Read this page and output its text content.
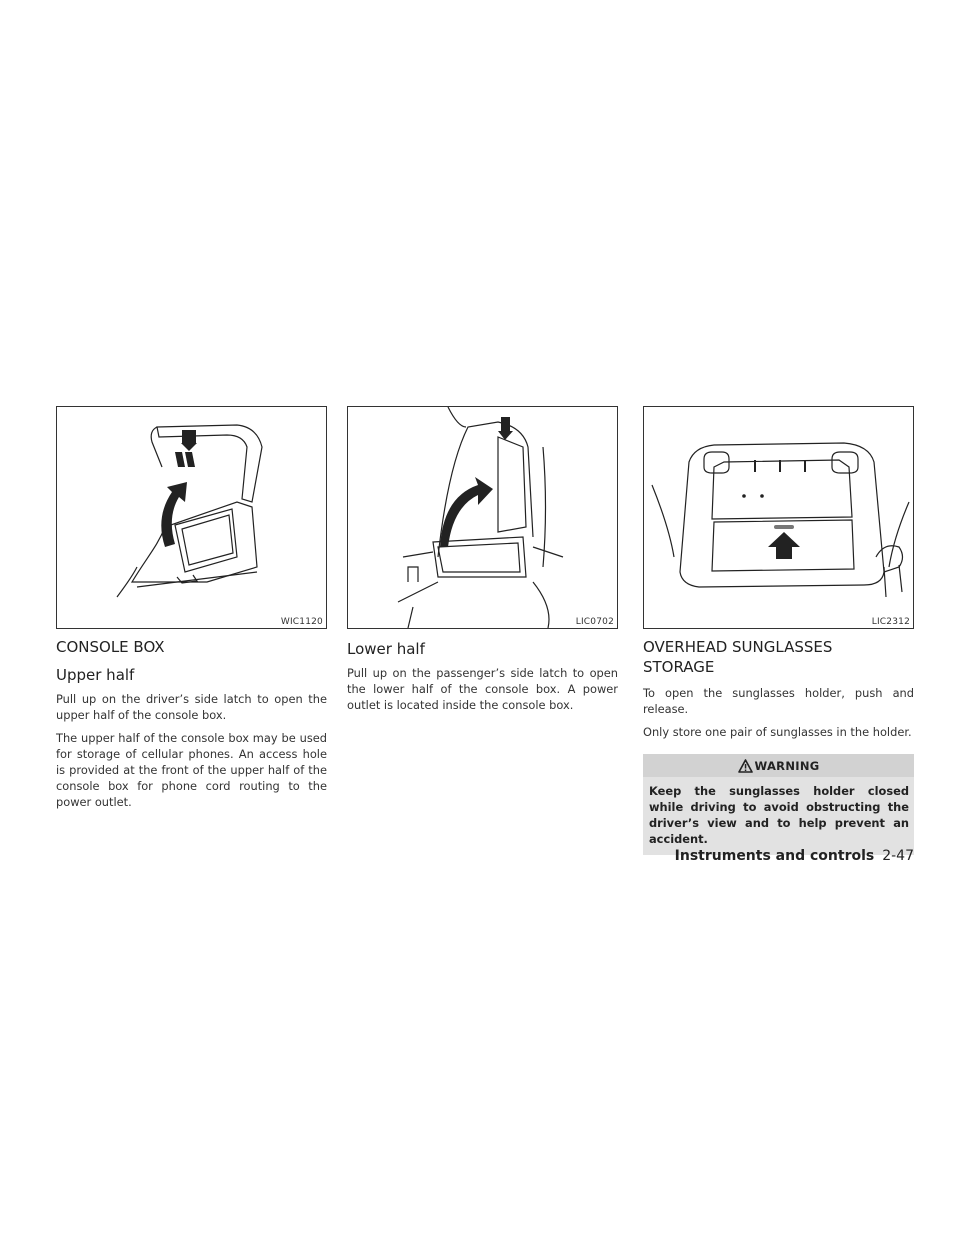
WIC1120
CONSOLE BOX
Upper half

Pull up on the driver’s side latch to open the upper half of the console box.

The upper half of the console box may be used for storage of cellular phones. An access hole is provided at the front of the upper half of the console box for phone cord routing to the power outlet.

LIC0702
Lower half

Pull up on the passenger’s side latch to open the lower half of the console box. A power outlet is located inside the console box.

LIC2312
OVERHEAD SUNGLASSES
STORAGE

To open the sunglasses holder, push and release.

Only store one pair of sunglasses in the holder.

WARNING
Keep the sunglasses holder closed while driving to avoid obstructing the driver’s view and to help prevent an accident.
Instruments and controls 2-47
